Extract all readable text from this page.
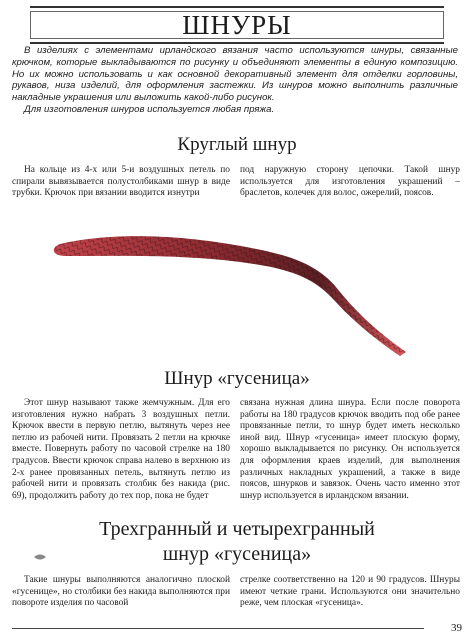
ШНУРЫ

В изделиях с элементами ирландского вязания часто используются шнуры, связанные крючком, которые выкладываются по рисунку и объединяют элементы в единую композицию. Но их можно использовать и как основной декоративный элемент для отделки горловины, рукавов, низа изделий, для оформления застежки. Из шнуров можно выполнить различные накладные украшения или выложить какой-либо рисунок.

Для изготовления шнуров используется любая пряжа.

Круглый шнур

На кольце из 4-х или 5-и воздушных петель по спирали вывязывается полустолбиками шнур в виде трубки. Крючок при вязании вводится изнутри

под наружную сторону цепочки. Такой шнур используется для изготовления украшений – браслетов, колечек для волос, ожерелий, поясов.

Шнур «гусеница»

Этот шнур называют также жемчужным. Для его изготовления нужно набрать 3 воздушных петли. Крючок ввести в первую петлю, вытянуть через нее петлю из рабочей нити. Провязать 2 петли на крючке вместе. Повернуть работу по часовой стрелке на 180 градусов. Ввести крючок справа налево в верхнюю из 2-х ранее провязанных петель, вытянуть петлю из рабочей нити и провязать столбик без накида (рис. 69), продолжить работу до тех пор, пока не будет

связана нужная длина шнура. Если после поворота работы на 180 градусов крючок вводить под обе ранее провязанные петли, то шнур будет иметь несколько иной вид. Шнур «гусеница» имеет плоскую форму, хорошо выкладывается по рисунку. Он используется для оформления краев изделий, для выполнения различных накладных украшений, а также в виде поясов, шнурков и завязок. Очень часто именно этот шнур используется в ирландском вязании.

Трехгранный и четырехгранный
шнур «гусеница»

Такие шнуры выполняются аналогично плоской «гусенице», но столбики без накида выполняются при повороте изделия по часовой

стрелке соответственно на 120 и 90 градусов. Шнуры имеют четкие грани. Используются они значительно реже, чем плоская «гусеница».

39
